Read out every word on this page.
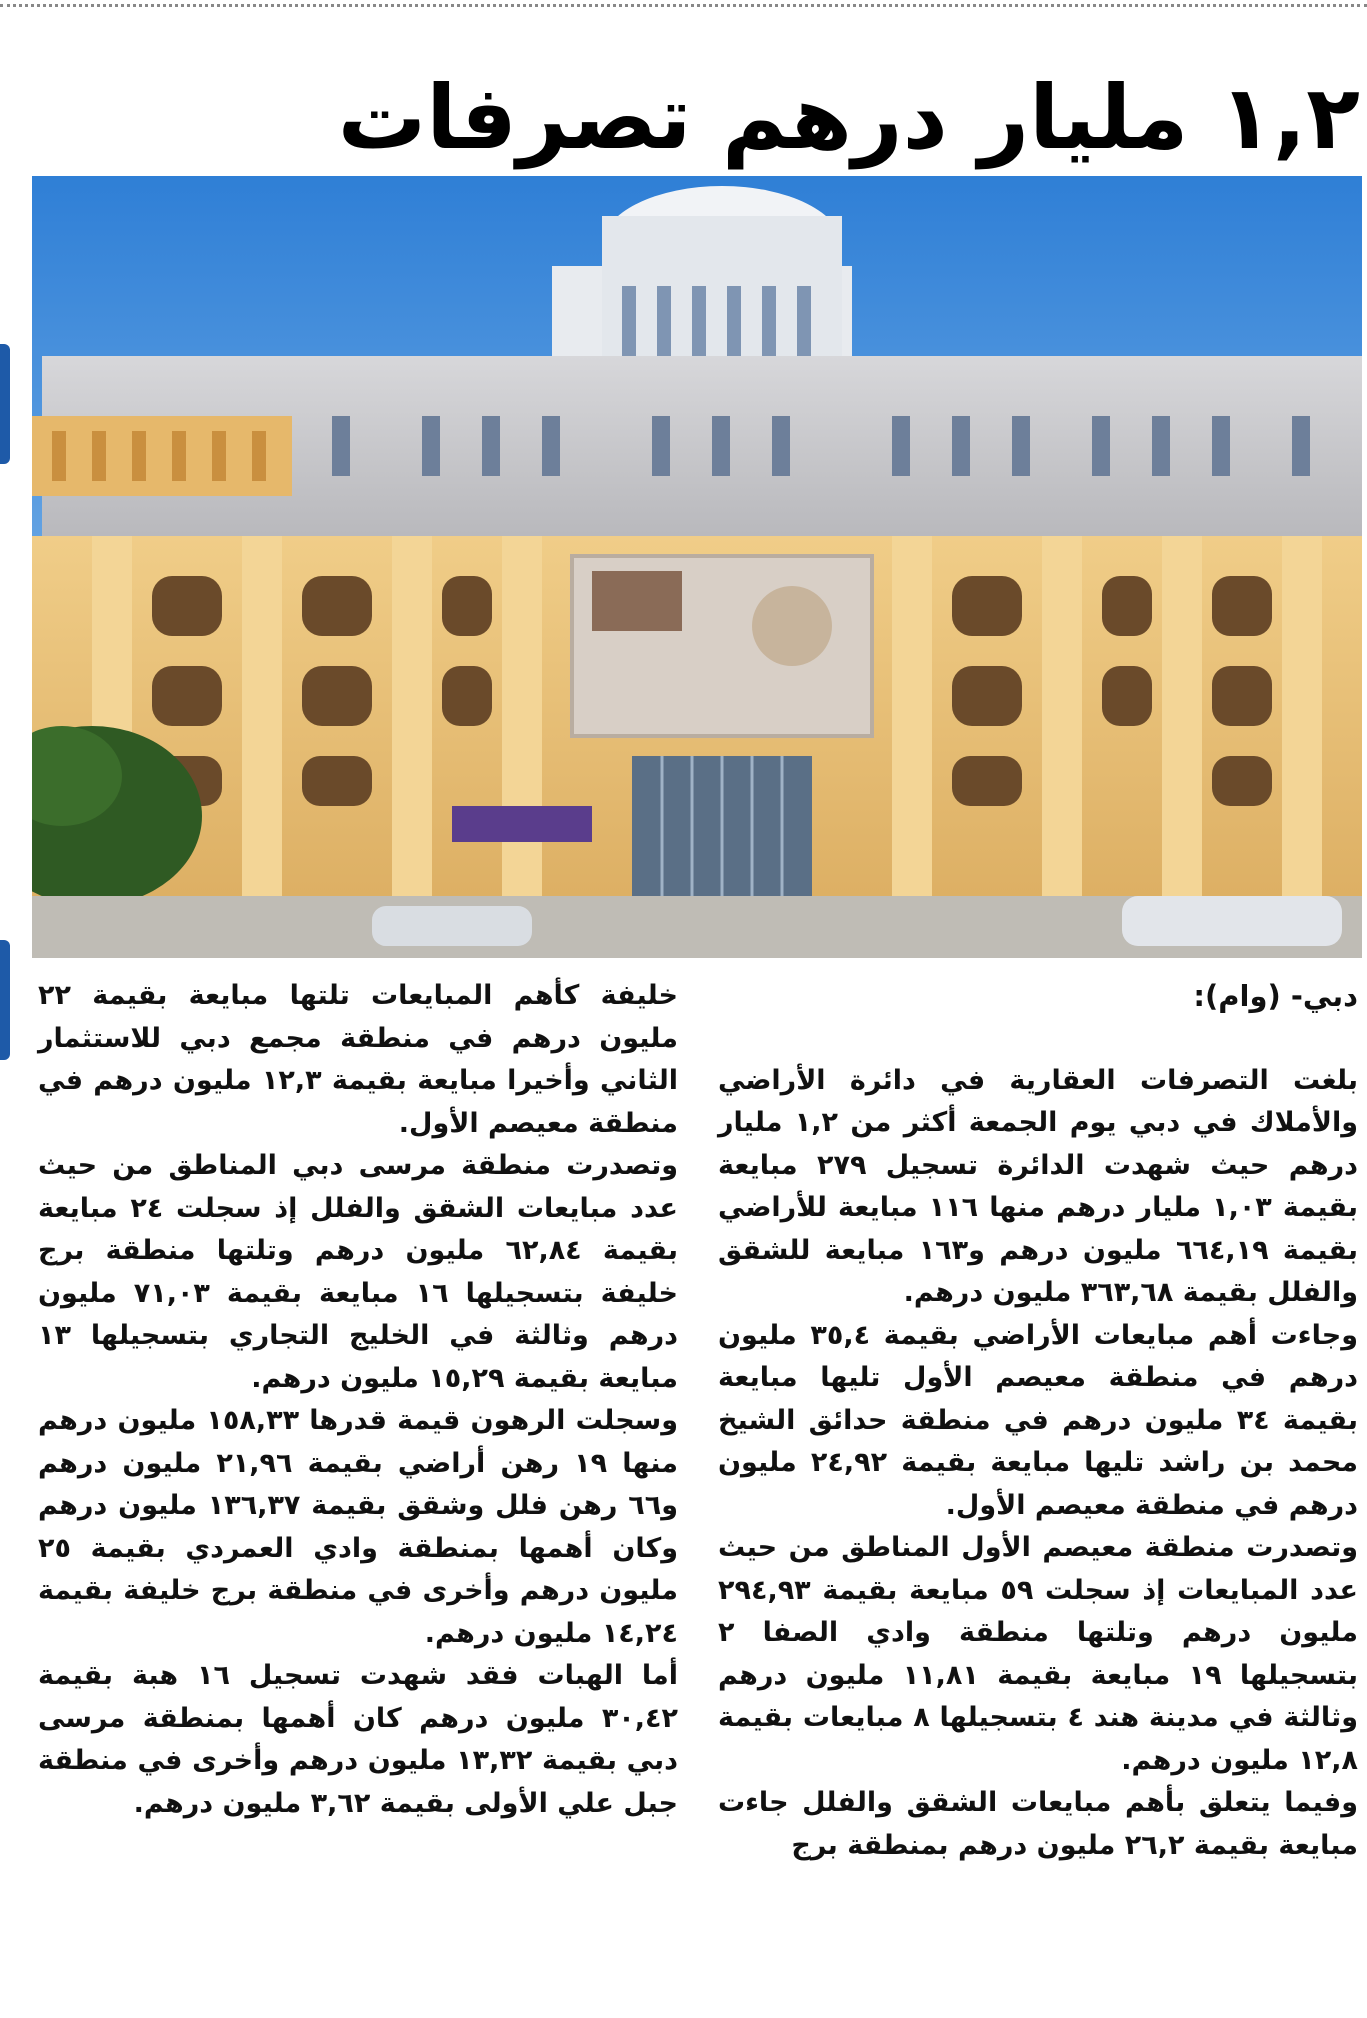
١,٢ مليار درهم تصرفات
دبي- (وام):

بلغت التصرفات العقارية في دائرة الأراضي والأملاك في دبي يوم الجمعة أكثر من ١,٢ مليار درهم حيث شهدت الدائرة تسجيل ٢٧٩ مبايعة بقيمة ١,٠٣ مليار درهم منها ١١٦ مبايعة للأراضي بقيمة ٦٦٤,١٩ مليون درهم و١٦٣ مبايعة للشقق والفلل بقيمة ٣٦٣,٦٨ مليون درهم.

وجاءت أهم مبايعات الأراضي بقيمة ٣٥,٤ مليون درهم في منطقة معيصم الأول تليها مبايعة بقيمة ٣٤ مليون درهم في منطقة حدائق الشيخ محمد بن راشد تليها مبايعة بقيمة ٢٤,٩٢ مليون درهم في منطقة معيصم الأول.

وتصدرت منطقة معيصم الأول المناطق من حيث عدد المبايعات إذ سجلت ٥٩ مبايعة بقيمة ٢٩٤,٩٣ مليون درهم وتلتها منطقة وادي الصفا ٢ بتسجيلها ١٩ مبايعة بقيمة ١١,٨١ مليون درهم وثالثة في مدينة هند ٤ بتسجيلها ٨ مبايعات بقيمة ١٢,٨ مليون درهم.

وفيما يتعلق بأهم مبايعات الشقق والفلل جاءت مبايعة بقيمة ٢٦,٢ مليون درهم بمنطقة برج

خليفة كأهم المبايعات تلتها مبايعة بقيمة ٢٢ مليون درهم في منطقة مجمع دبي للاستثمار الثاني وأخيرا مبايعة بقيمة ١٢,٣ مليون درهم في منطقة معيصم الأول.

وتصدرت منطقة مرسى دبي المناطق من حيث عدد مبايعات الشقق والفلل إذ سجلت ٢٤ مبايعة بقيمة ٦٢,٨٤ مليون درهم وتلتها منطقة برج خليفة بتسجيلها ١٦ مبايعة بقيمة ٧١,٠٣ مليون درهم وثالثة في الخليج التجاري بتسجيلها ١٣ مبايعة بقيمة ١٥,٢٩ مليون درهم.

وسجلت الرهون قيمة قدرها ١٥٨,٣٣ مليون درهم منها ١٩ رهن أراضي بقيمة ٢١,٩٦ مليون درهم و٦٦ رهن فلل وشقق بقيمة ١٣٦,٣٧ مليون درهم وكان أهمها بمنطقة وادي العمردي بقيمة ٢٥ مليون درهم وأخرى في منطقة برج خليفة بقيمة ١٤,٢٤ مليون درهم.

أما الهبات فقد شهدت تسجيل ١٦ هبة بقيمة ٣٠,٤٢ مليون درهم كان أهمها بمنطقة مرسى دبي بقيمة ١٣,٣٢ مليون درهم وأخرى في منطقة جبل علي الأولى بقيمة ٣,٦٢ مليون درهم.
